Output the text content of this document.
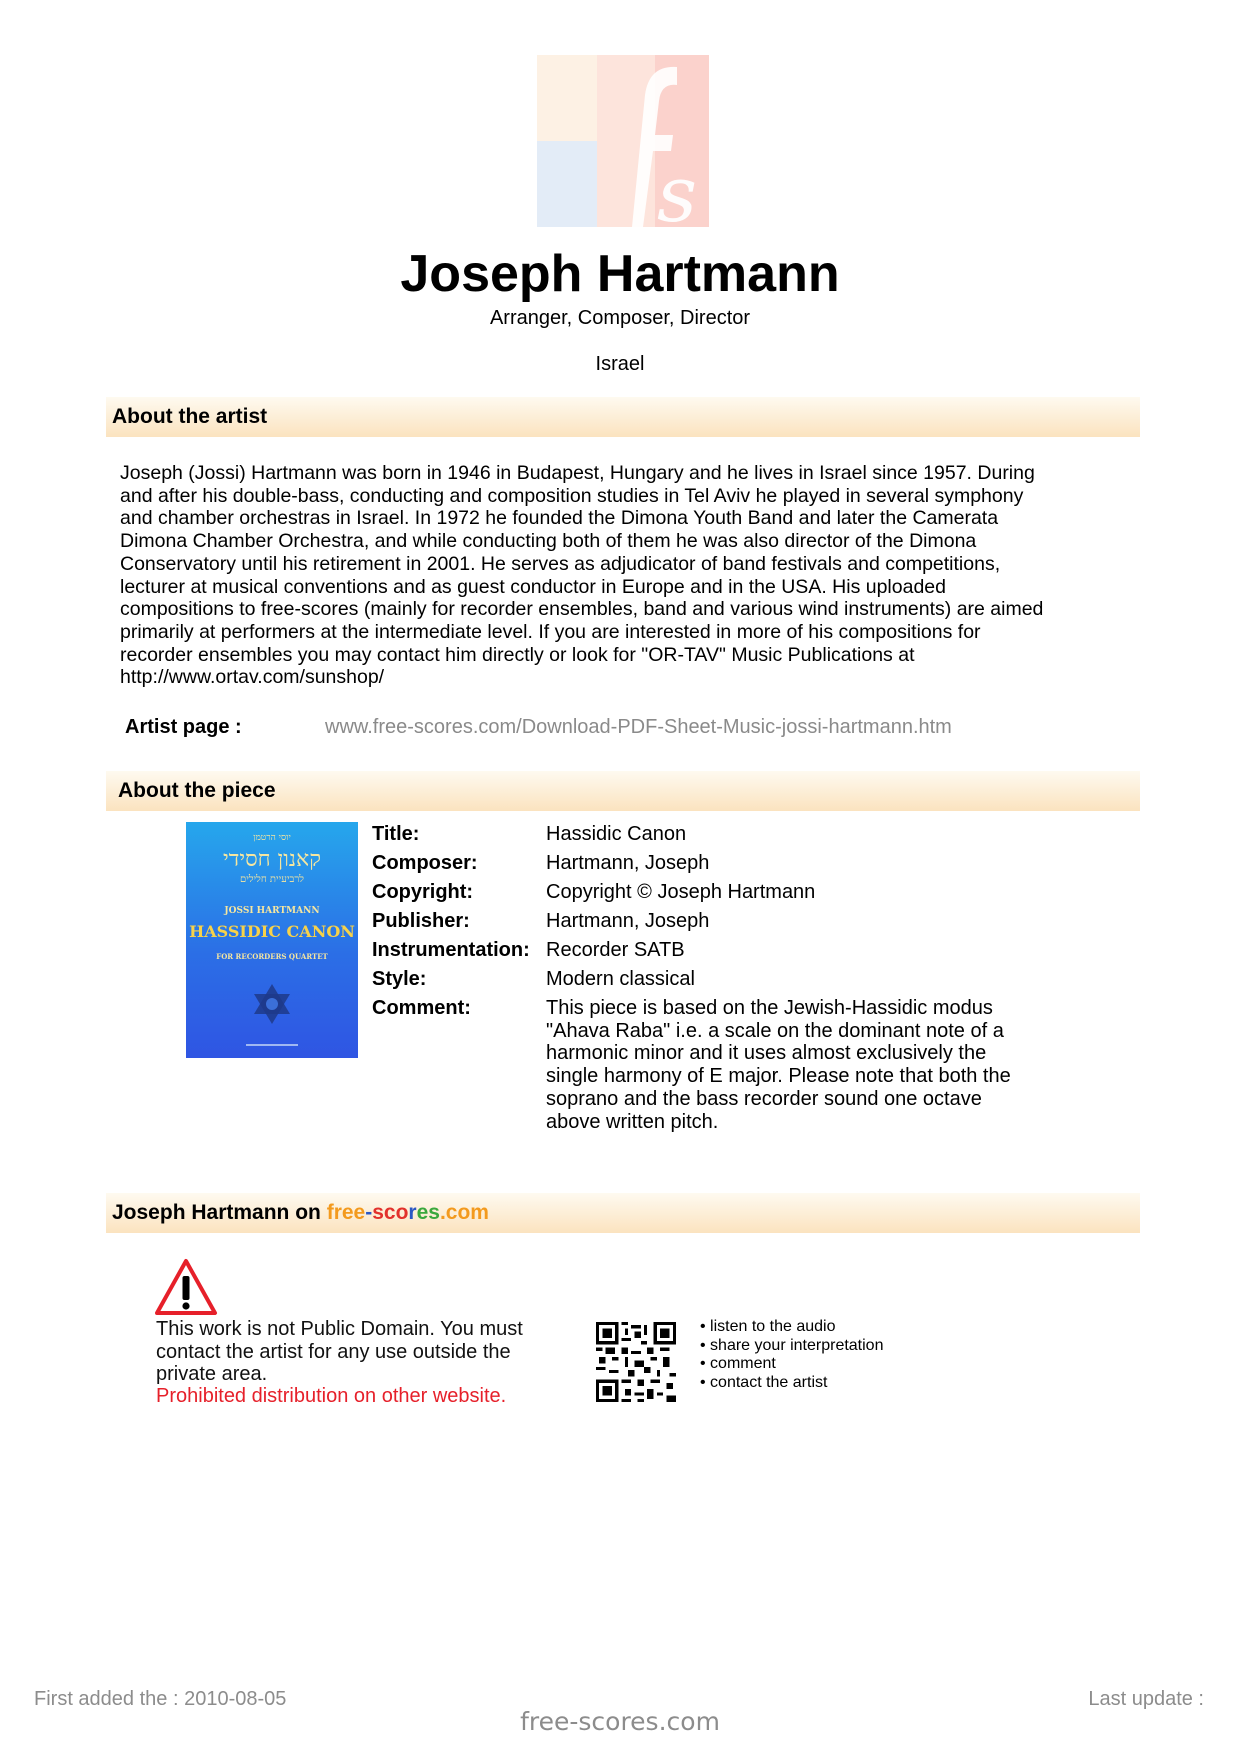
s
Joseph Hartmann
Arranger, Composer, Director
Israel
About the artist
Joseph (Jossi) Hartmann was born in 1946 in Budapest, Hungary and he lives in Israel since 1957. During
and after his double-bass, conducting and composition studies in Tel Aviv he played in several symphony
and chamber orchestras in Israel. In 1972 he founded the Dimona Youth Band and later the Camerata
Dimona Chamber Orchestra, and while conducting both of them he was also director of the Dimona
Conservatory until his retirement in 2001. He serves as adjudicator of band festivals and competitions,
lecturer at musical conventions and as guest conductor in Europe and in the USA. His uploaded
compositions to free-scores (mainly for recorder ensembles, band and various wind instruments) are aimed
primarily at performers at the intermediate level. If you are interested in more of his compositions for
recorder ensembles you may contact him directly or look for "OR-TAV" Music Publications at
http://www.ortav.com/sunshop/
Artist page :	www.free-scores.com/Download-PDF-Sheet-Music-jossi-hartmann.htm
About the piece
יוסי הרטמן
קאנון חסידי
לרביעיית חלילים
JOSSI HARTMANN
HASSIDIC CANON
FOR RECORDERS QUARTET
Title:	Hassidic Canon
Composer:	Hartmann, Joseph
Copyright:	Copyright © Joseph Hartmann
Publisher:	Hartmann, Joseph
Instrumentation: Recorder SATB
Style:	Modern classical
Comment:	This piece is based on the Jewish-Hassidic modus
"Ahava Raba" i.e. a scale on the dominant note of a
harmonic minor and it uses almost exclusively the
single harmony of E major. Please note that both the
soprano and the bass recorder sound one octave
above written pitch.
Joseph Hartmann on free-scores.com
This work is not Public Domain. You must
contact the artist for any use outside the
private area.
Prohibited distribution on other website.
• listen to the audio
• share your interpretation
• comment
• contact the artist
First added the : 2010-08-05
free-scores.com
Last update :
